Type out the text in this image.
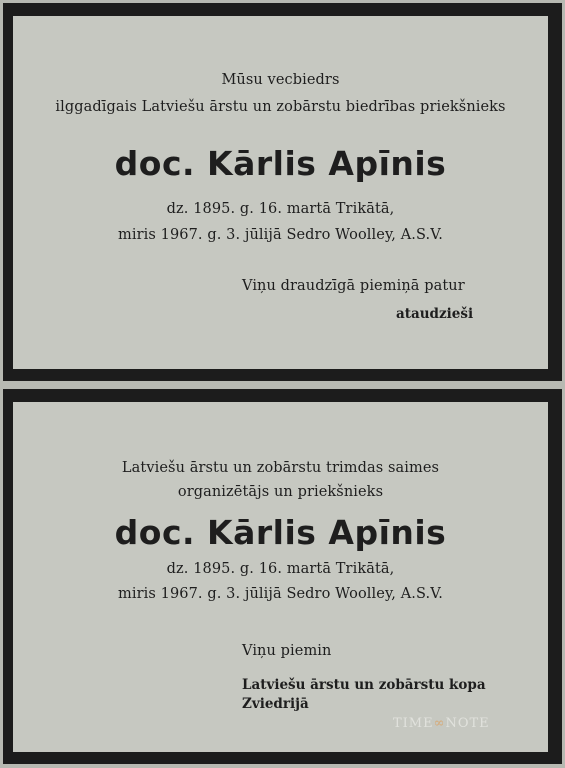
Mūsu vecbiedrs
ilggadīgais Latviešu ārstu un zobārstu biedrības priekšnieks
doc. Kārlis Apīnis
dz. 1895. g. 16. martā Trikātā,
miris 1967. g. 3. jūlijā Sedro Woolley, A.S.V.
Viņu draudzīgā piemiņā patur
ataudzieši
Latviešu ārstu un zobārstu trimdas saimes
organizētājs un priekšnieks
doc. Kārlis Apīnis
dz. 1895. g. 16. martā Trikātā,
miris 1967. g. 3. jūlijā Sedro Woolley, A.S.V.
Viņu piemin
Latviešu ārstu un zobārstu kopa
Zviedrijā
TIME∞NOTE
